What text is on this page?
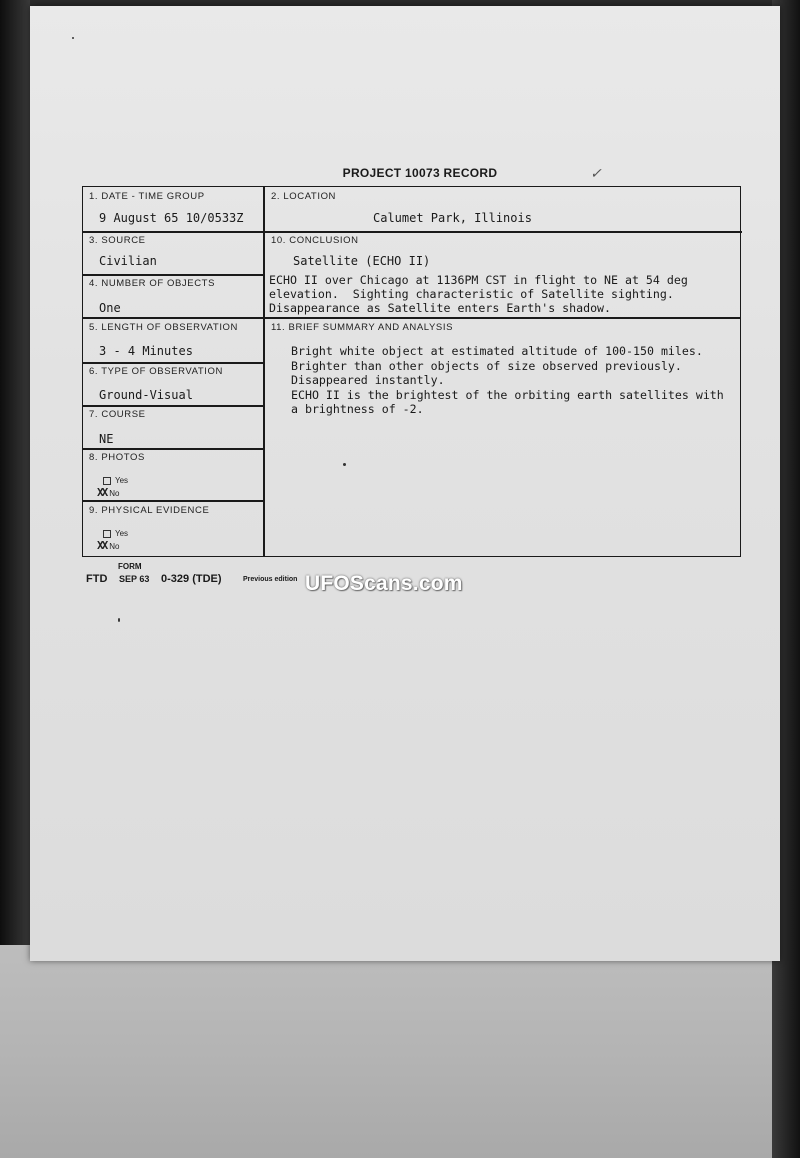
PROJECT 10073 RECORD	✓
1. DATE - TIME GROUP
9 August 65 10/0533Z
2. LOCATION
Calumet Park, Illinois
3. SOURCE
Civilian
10. CONCLUSION
Satellite (ECHO II)
ECHO II over Chicago at 1136PM CST in flight to NE at 54 deg
elevation.  Sighting characteristic of Satellite sighting.
Disappearance as Satellite enters Earth's shadow.
4. NUMBER OF OBJECTS
One
5. LENGTH OF OBSERVATION
3 - 4 Minutes
11. BRIEF SUMMARY AND ANALYSIS
Bright white object at estimated altitude of 100-150 miles.
Brighter than other objects of size observed previously.
Disappeared instantly.
ECHO II is the brightest of the orbiting earth satellites with
a brightness of -2.
6. TYPE OF OBSERVATION
Ground-Visual
7. COURSE
NE
8. PHOTOS
Yes
XX No
9. PHYSICAL EVIDENCE
Yes
XX No
FORM
FTD SEP 63 0-329 (TDE)	Previous edition UFOScans.com
